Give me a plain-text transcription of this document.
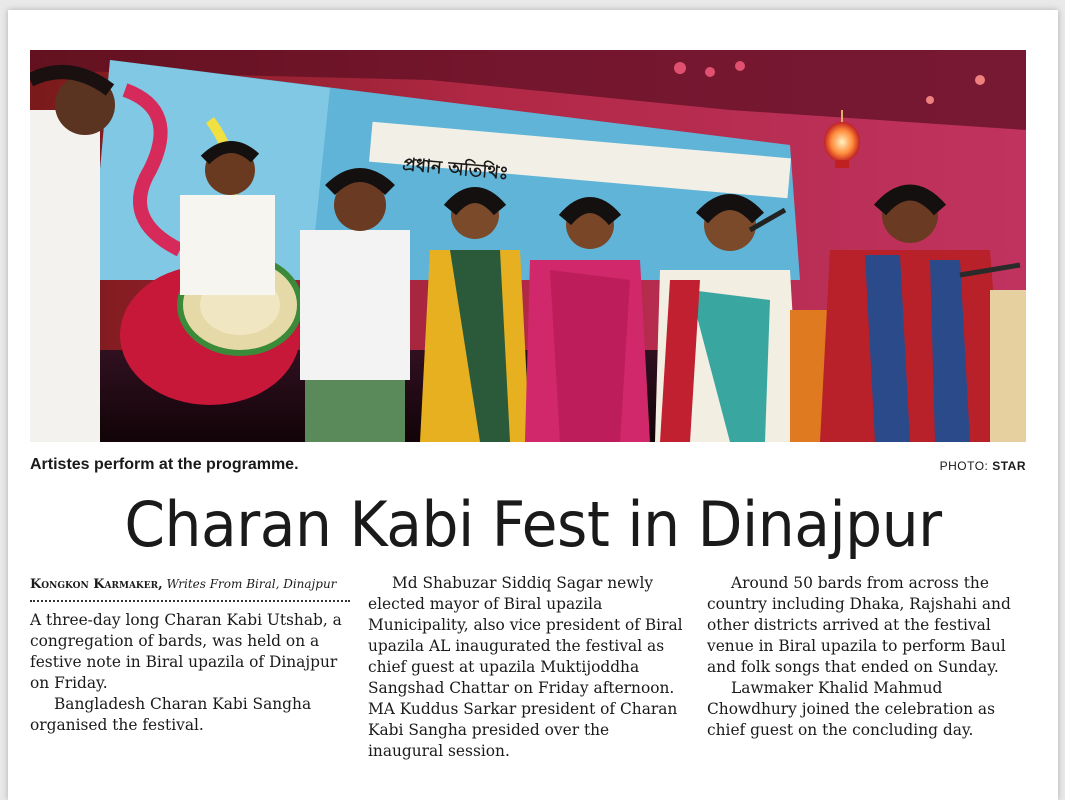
প্রধান অতিথিঃ
Artistes perform at the programme.	PHOTO: STAR
Charan Kabi Fest in Dinajpur
Kongkon Karmaker, Writes From Biral, Dinajpur

A three-day long Charan Kabi Utshab, a congregation of bards, was held on a festive note in Biral upazila of Dinajpur on Friday.

Bangladesh Charan Kabi Sangha organised the festival.

Md Shabuzar Siddiq Sagar newly elected mayor of Biral upazila Municipality, also vice president of Biral upazila AL inaugurated the festival as chief guest at upazila Muktijoddha Sangshad Chattar on Friday afternoon. MA Kuddus Sarkar president of Charan Kabi Sangha presided over the inaugural session.

Around 50 bards from across the country including Dhaka, Rajshahi and other districts arrived at the festival venue in Biral upazila to perform Baul and folk songs that ended on Sunday.

Lawmaker Khalid Mahmud Chowdhury joined the celebration as chief guest on the concluding day.
